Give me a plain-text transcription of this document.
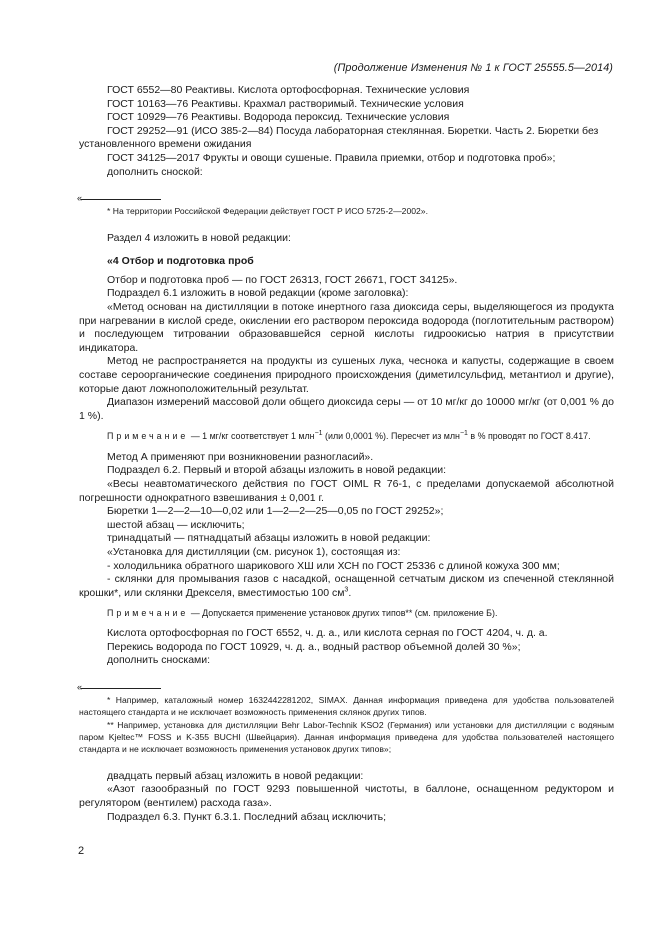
(Продолжение Изменения № 1 к ГОСТ 25555.5—2014)

ГОСТ 6552—80 Реактивы. Кислота ортофосфорная. Технические условия

ГОСТ 10163—76 Реактивы. Крахмал растворимый. Технические условия

ГОСТ 10929—76 Реактивы. Водорода пероксид. Технические условия

ГОСТ 29252—91 (ИСО 385-2—84) Посуда лабораторная стеклянная. Бюретки. Часть 2. Бюретки без установленного времени ожидания

ГОСТ 34125—2017 Фрукты и овощи сушеные. Правила приемки, отбор и подготовка проб»;

дополнить сноской:

«

* На территории Российской Федерации действует ГОСТ Р ИСО 5725-2—2002».

Раздел 4 изложить в новой редакции:

«4 Отбор и подготовка проб

Отбор и подготовка проб — по ГОСТ 26313, ГОСТ 26671, ГОСТ 34125».

Подраздел 6.1 изложить в новой редакции (кроме заголовка):

«Метод основан на дистилляции в потоке инертного газа диоксида серы, выделяющегося из продукта при нагревании в кислой среде, окислении его раствором пероксида водорода (поглотительным раствором) и последующем титровании образовавшейся серной кислоты гидроокисью натрия в присутствии индикатора.

Метод не распространяется на продукты из сушеных лука, чеснока и капусты, содержащие в своем составе сероорганические соединения природного происхождения (диметилсульфид, метантиол и другие), которые дают ложноположительный результат.

Диапазон измерений массовой доли общего диоксида серы — от 10 мг/кг до 10000 мг/кг (от 0,001 % до 1 %).

Примечание — 1 мг/кг соответствует 1 млн$^{-1}$ (или 0,0001 %). Пересчет из млн$^{-1}$ в % проводят по ГОСТ 8.417.

Метод А применяют при возникновении разногласий».

Подраздел 6.2. Первый и второй абзацы изложить в новой редакции:

«Весы неавтоматического действия по ГОСТ OIML R 76-1, с пределами допускаемой абсолютной погрешности однократного взвешивания ± 0,001 г.

Бюретки 1—2—2—10—0,02 или 1—2—2—25—0,05 по ГОСТ 29252»;

шестой абзац — исключить;

тринадцатый — пятнадцатый абзацы изложить в новой редакции:

«Установка для дистилляции (см. рисунок 1), состоящая из:

- холодильника обратного шарикового ХШ или ХСН по ГОСТ 25336 с длиной кожуха 300 мм;

- склянки для промывания газов с насадкой, оснащенной сетчатым диском из спеченной стеклянной крошки*, или склянки Дрекселя, вместимостью 100 $см^3$.

Примечание — Допускается применение установок других типов** (см. приложение Б).

Кислота ортофосфорная по ГОСТ 6552, ч. д. а., или кислота серная по ГОСТ 4204, ч. д. а.

Перекись водорода по ГОСТ 10929, ч. д. а., водный раствор объемной долей 30 %»;

дополнить сносками:

«

* Например, каталожный номер 1632442281202, SIMAX. Данная информация приведена для удобства пользователей настоящего стандарта и не исключает возможность применения склянок других типов.

** Например, установка для дистилляции Behr Labor-Technik KSO2 (Германия) или установки для дистилляции с водяным паром Kjeltec™ FOSS и K-355 BUCHI (Швейцария). Данная информация приведена для удобства пользователей настоящего стандарта и не исключает возможность применения установок других типов»;

двадцать первый абзац изложить в новой редакции:

«Азот газообразный по ГОСТ 9293 повышенной чистоты, в баллоне, оснащенном редуктором и регулятором (вентилем) расхода газа».

Подраздел 6.3. Пункт 6.3.1. Последний абзац исключить;

2
